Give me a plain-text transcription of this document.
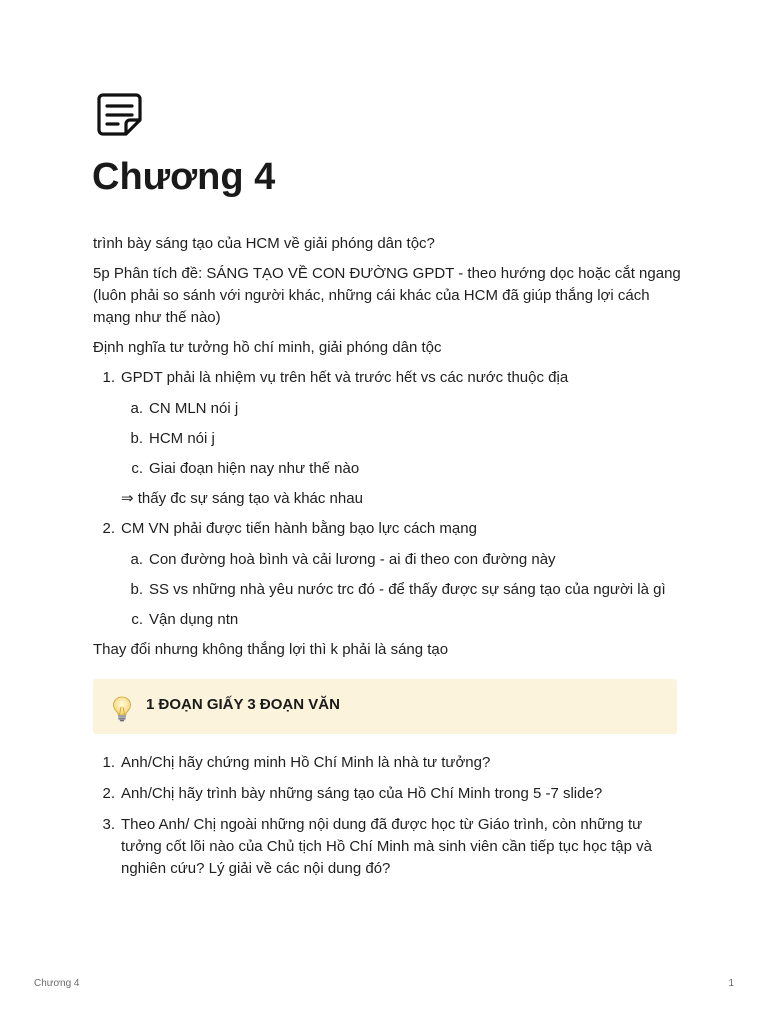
Chương 4

trình bày sáng tạo của HCM về giải phóng dân tộc?

5p Phân tích đề: SÁNG TẠO VỀ CON ĐƯỜNG GPDT - theo hướng dọc hoặc cắt ngang (luôn phải so sánh với người khác, những cái khác của HCM đã giúp thắng lợi cách mạng như thế nào)

Định nghĩa tư tưởng hồ chí minh, giải phóng dân tộc

1. GPDT phải là nhiệm vụ trên hết và trước hết vs các nước thuộc địa
a. CN MLN nói j
b. HCM nói j
c. Giai đoạn hiện nay như thế nào

⇒ thấy đc sự sáng tạo và khác nhau

2. CM VN phải được tiến hành bằng bạo lực cách mạng
a. Con đường hoà bình và cải lương - ai đi theo con đường này
b. SS vs những nhà yêu nước trc đó - để thấy được sự sáng tạo của người là gì
c. Vận dụng ntn

Thay đổi nhưng không thắng lợi thì k phải là sáng tạo

1 ĐOẠN GIẤY 3 ĐOẠN VĂN
1. Anh/Chị hãy chứng minh Hồ Chí Minh là nhà tư tưởng?
2. Anh/Chị hãy trình bày những sáng tạo của Hồ Chí Minh trong 5 -7 slide?
3. Theo Anh/ Chị ngoài những nội dung đã được học từ Giáo trình, còn những tư tưởng cốt lõi nào của Chủ tịch Hồ Chí Minh mà sinh viên cần tiếp tục học tập và nghiên cứu? Lý giải về các nội dung đó?
Chương 4	1
